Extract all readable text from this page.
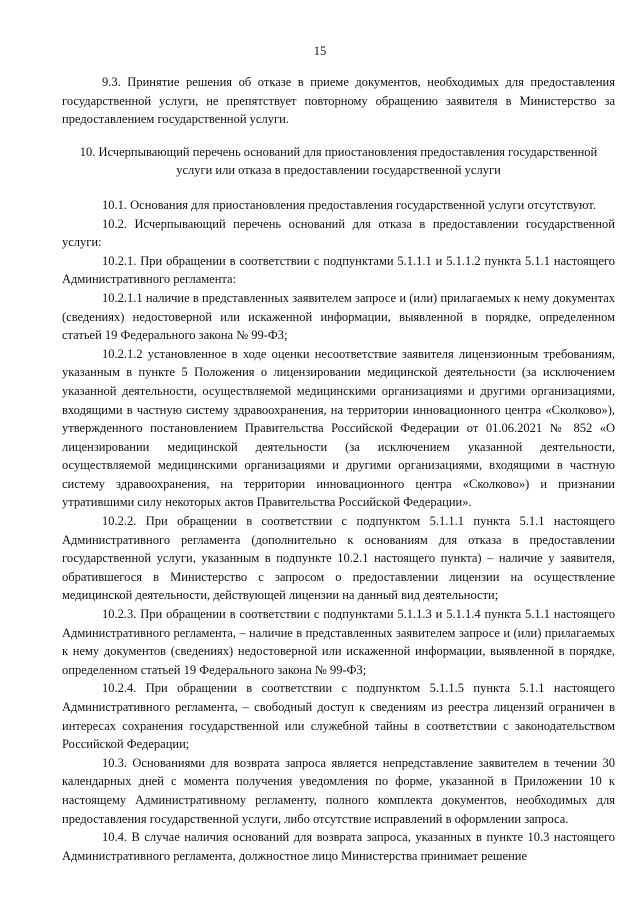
15

9.3. Принятие решения об отказе в приеме документов, необходимых для предоставления государственной услуги, не препятствует повторному обращению заявителя в Министерство за предоставлением государственной услуги.

10. Исчерпывающий перечень оснований для приостановления предоставления государственной услуги или отказа в предоставлении государственной услуги

10.1. Основания для приостановления предоставления государственной услуги отсутствуют.

10.2. Исчерпывающий перечень оснований для отказа в предоставлении государственной услуги:

10.2.1. При обращении в соответствии с подпунктами 5.1.1.1 и 5.1.1.2 пункта 5.1.1 настоящего Административного регламента:

10.2.1.1 наличие в представленных заявителем запросе и (или) прилагаемых к нему документах (сведениях) недостоверной или искаженной информации, выявленной в порядке, определенном статьей 19 Федерального закона № 99-ФЗ;

10.2.1.2 установленное в ходе оценки несоответствие заявителя лицензионным требованиям, указанным в пункте 5 Положения о лицензировании медицинской деятельности (за исключением указанной деятельности, осуществляемой медицинскими организациями и другими организациями, входящими в частную систему здравоохранения, на территории инновационного центра «Сколково»), утвержденного постановлением Правительства Российской Федерации от 01.06.2021 № 852 «О лицензировании медицинской деятельности (за исключением указанной деятельности, осуществляемой медицинскими организациями и другими организациями, входящими в частную систему здравоохранения, на территории инновационного центра «Сколково») и признании утратившими силу некоторых актов Правительства Российской Федерации».

10.2.2. При обращении в соответствии с подпунктом 5.1.1.1 пункта 5.1.1 настоящего Административного регламента (дополнительно к основаниям для отказа в предоставлении государственной услуги, указанным в подпункте 10.2.1 настоящего пункта) – наличие у заявителя, обратившегося в Министерство с запросом о предоставлении лицензии на осуществление медицинской деятельности, действующей лицензии на данный вид деятельности;

10.2.3. При обращении в соответствии с подпунктами 5.1.1.3 и 5.1.1.4 пункта 5.1.1 настоящего Административного регламента, – наличие в представленных заявителем запросе и (или) прилагаемых к нему документов (сведениях) недостоверной или искаженной информации, выявленной в порядке, определенном статьей 19 Федерального закона № 99-ФЗ;

10.2.4. При обращении в соответствии с подпунктом 5.1.1.5 пункта 5.1.1 настоящего Административного регламента, – свободный доступ к сведениям из реестра лицензий ограничен в интересах сохранения государственной или служебной тайны в соответствии с законодательством Российской Федерации;

10.3. Основаниями для возврата запроса является непредставление заявителем в течении 30 календарных дней с момента получения уведомления по форме, указанной в Приложении 10 к настоящему Административному регламенту, полного комплекта документов, необходимых для предоставления государственной услуги, либо отсутствие исправлений в оформлении запроса.

10.4. В случае наличия оснований для возврата запроса, указанных в пункте 10.3 настоящего Административного регламента, должностное лицо Министерства принимает решение
